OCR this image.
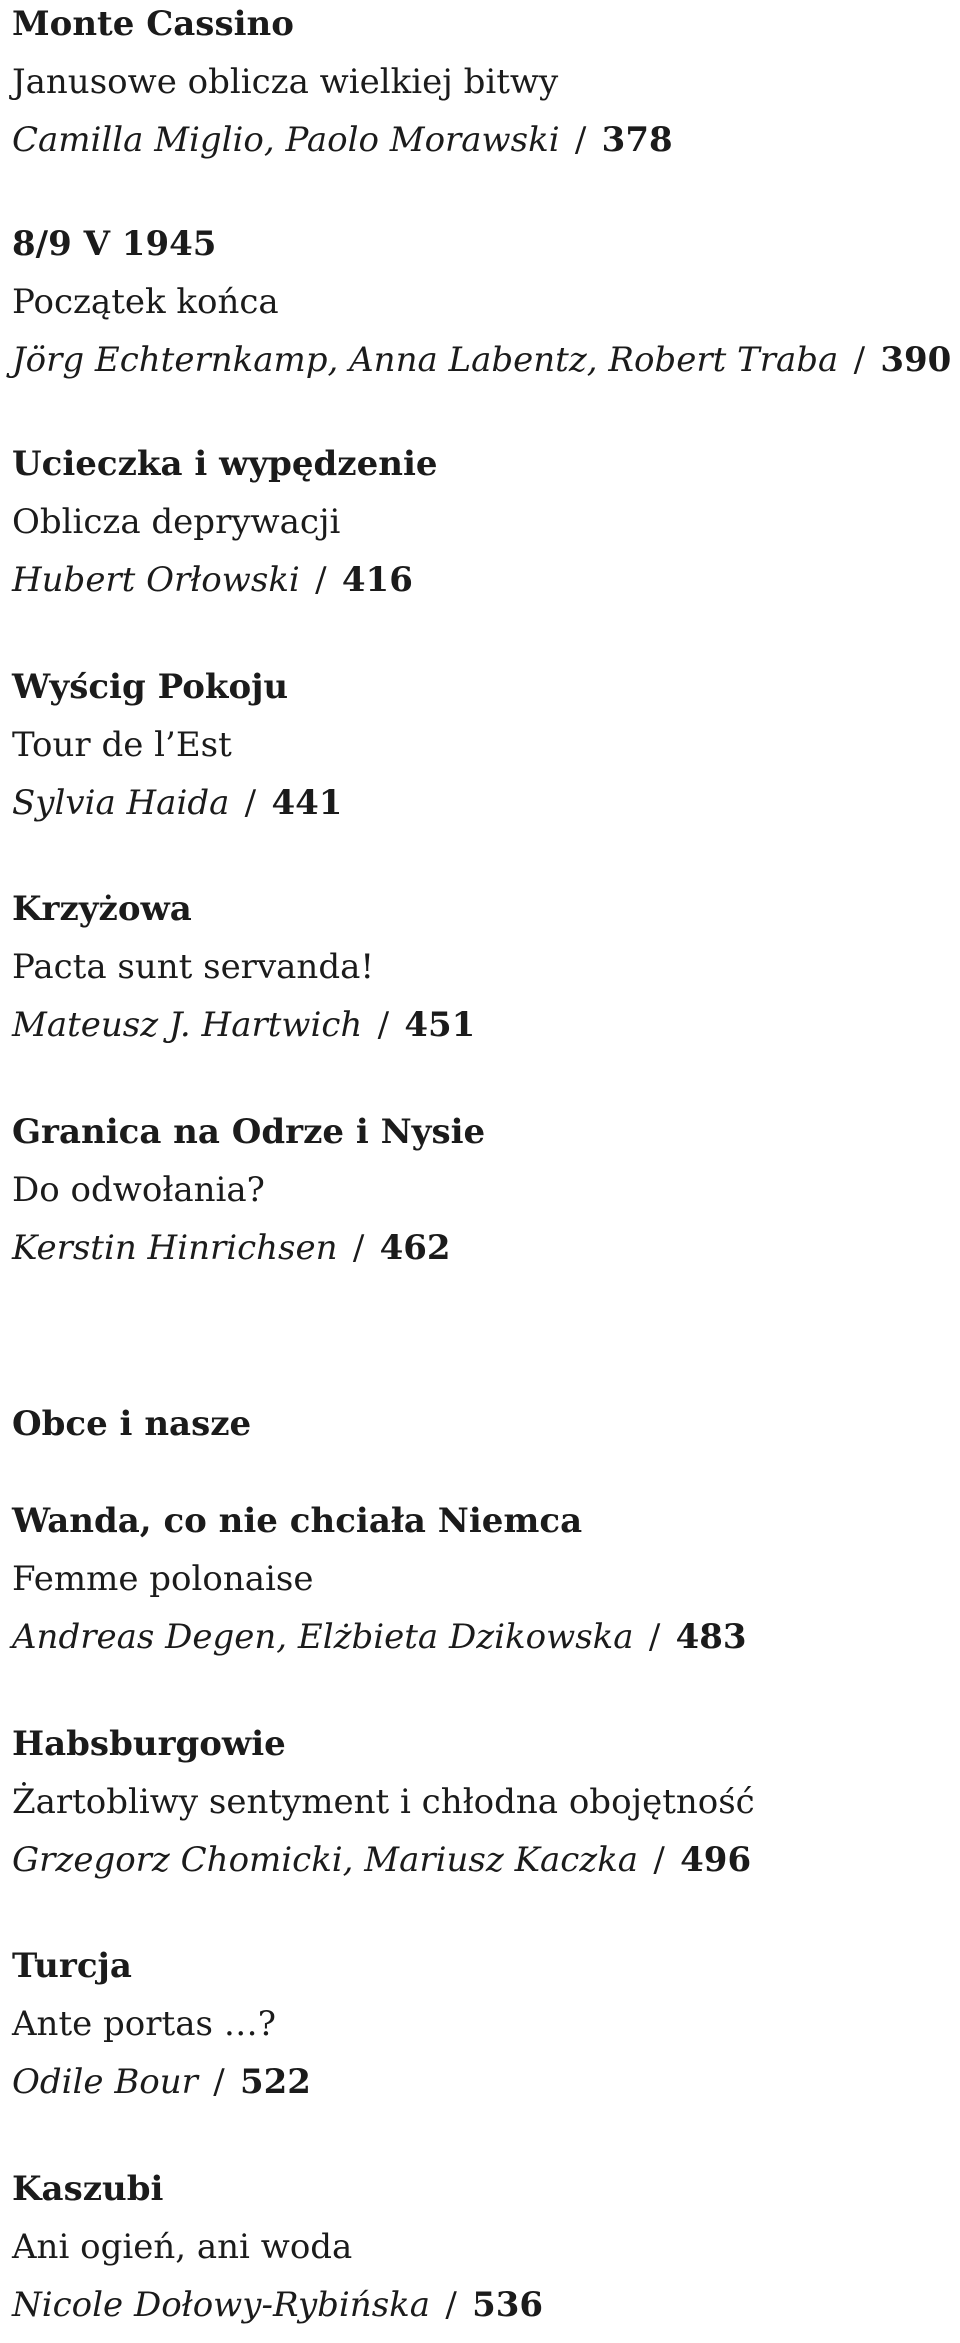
Monte Cassino
Janusowe oblicza wielkiej bitwy
Camilla Miglio, Paolo Morawski / 378
8/9 V 1945
Początek końca
Jörg Echternkamp, Anna Labentz, Robert Traba / 390
Ucieczka i wypędzenie
Oblicza deprywacji
Hubert Orłowski / 416
Wyścig Pokoju
Tour de l’Est
Sylvia Haida / 441
Krzyżowa
Pacta sunt servanda!
Mateusz J. Hartwich / 451
Granica na Odrze i Nysie
Do odwołania?
Kerstin Hinrichsen / 462
Obce i nasze
Wanda, co nie chciała Niemca
Femme polonaise
Andreas Degen, Elżbieta Dzikowska / 483
Habsburgowie
Żartobliwy sentyment i chłodna obojętność
Grzegorz Chomicki, Mariusz Kaczka / 496
Turcja
Ante portas …?
Odile Bour / 522
Kaszubi
Ani ogień, ani woda
Nicole Dołowy-Rybińska / 536
